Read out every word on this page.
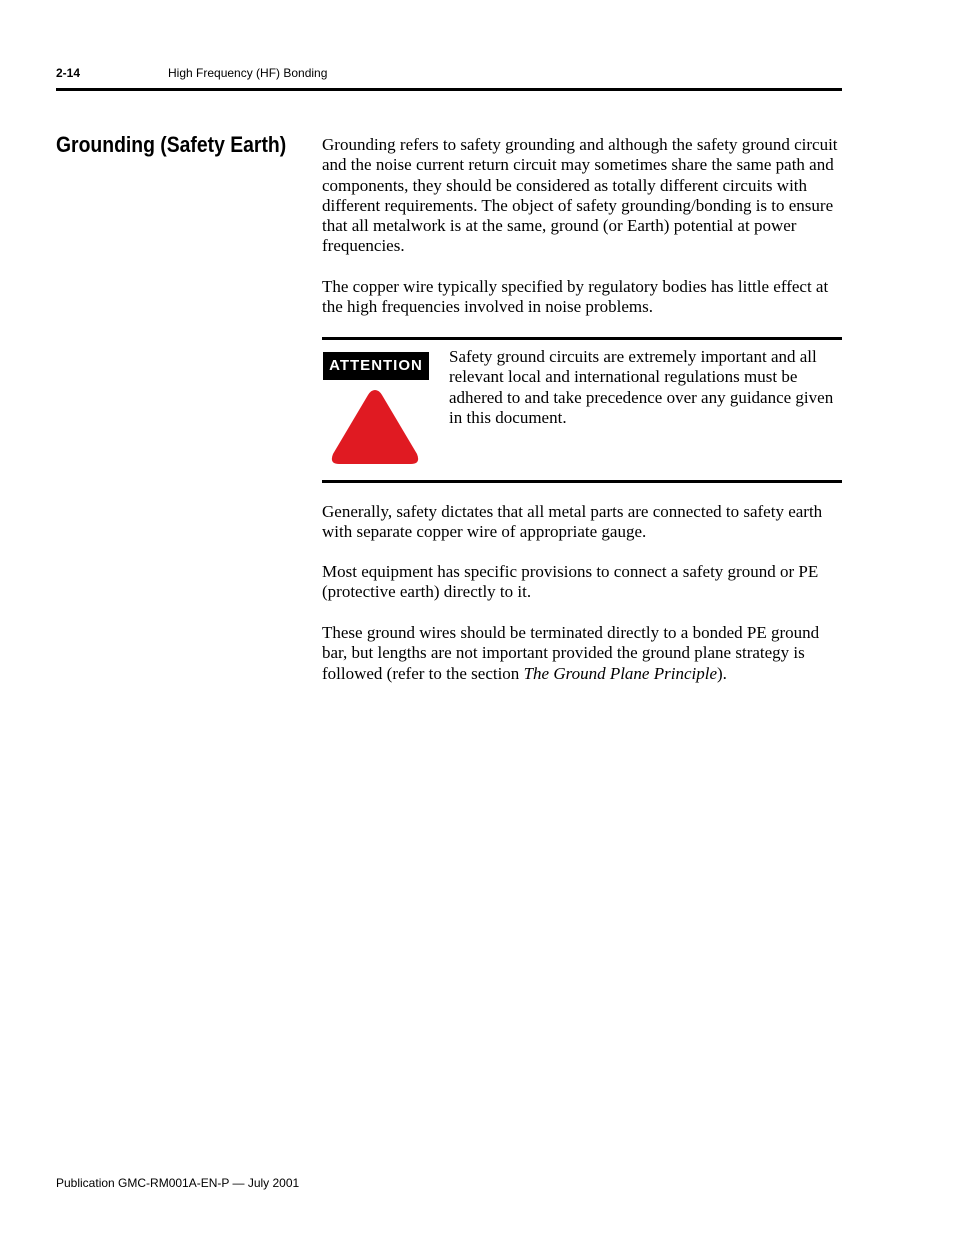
2-14	High Frequency (HF) Bonding
Grounding (Safety Earth) Grounding refers to safety grounding and although the safety ground circuit and the noise current return circuit may sometimes share the same path and components, they should be considered as totally different circuits with different requirements. The object of safety grounding/bonding is to ensure that all metalwork is at the same, ground (or Earth) potential at power frequencies.

The copper wire typically specified by regulatory bodies has little effect at the high frequencies involved in noise problems.

ATTENTION	Safety ground circuits are extremely important and all relevant local and international regulations must be adhered to and take precedence over any guidance given in this document.

Generally, safety dictates that all metal parts are connected to safety earth with separate copper wire of appropriate gauge.

Most equipment has specific provisions to connect a safety ground or PE (protective earth) directly to it.

These ground wires should be terminated directly to a bonded PE ground bar, but lengths are not important provided the ground plane strategy is followed (refer to the section The Ground Plane Principle).

Publication GMC-RM001A-EN-P — July 2001
